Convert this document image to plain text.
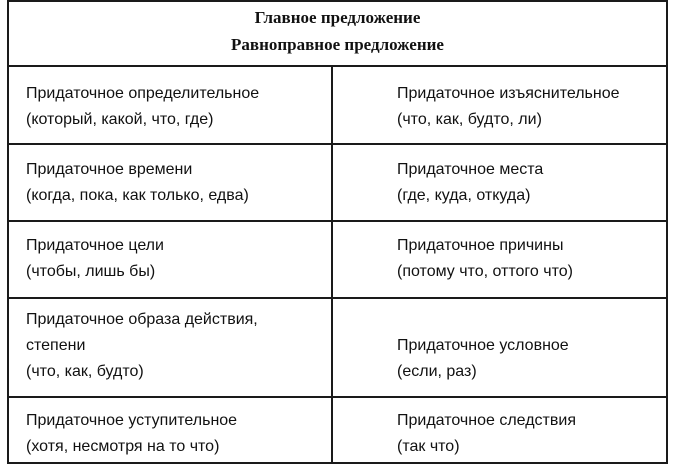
Главное предложение
Равноправное предложение
Придаточное определительное
(который, какой, что, где)
Придаточное изъяснительное
(что, как, будто, ли)
Придаточное времени
(когда, пока, как только, едва)
Придаточное места
(где, куда, откуда)
Придаточное цели
(чтобы, лишь бы)
Придаточное причины
(потому что, оттого что)
Придаточное образа действия,
степени
(что, как, будто)
Придаточное условное
(если, раз)
Придаточное уступительное
(хотя, несмотря на то что)
Придаточное следствия
(так что)
